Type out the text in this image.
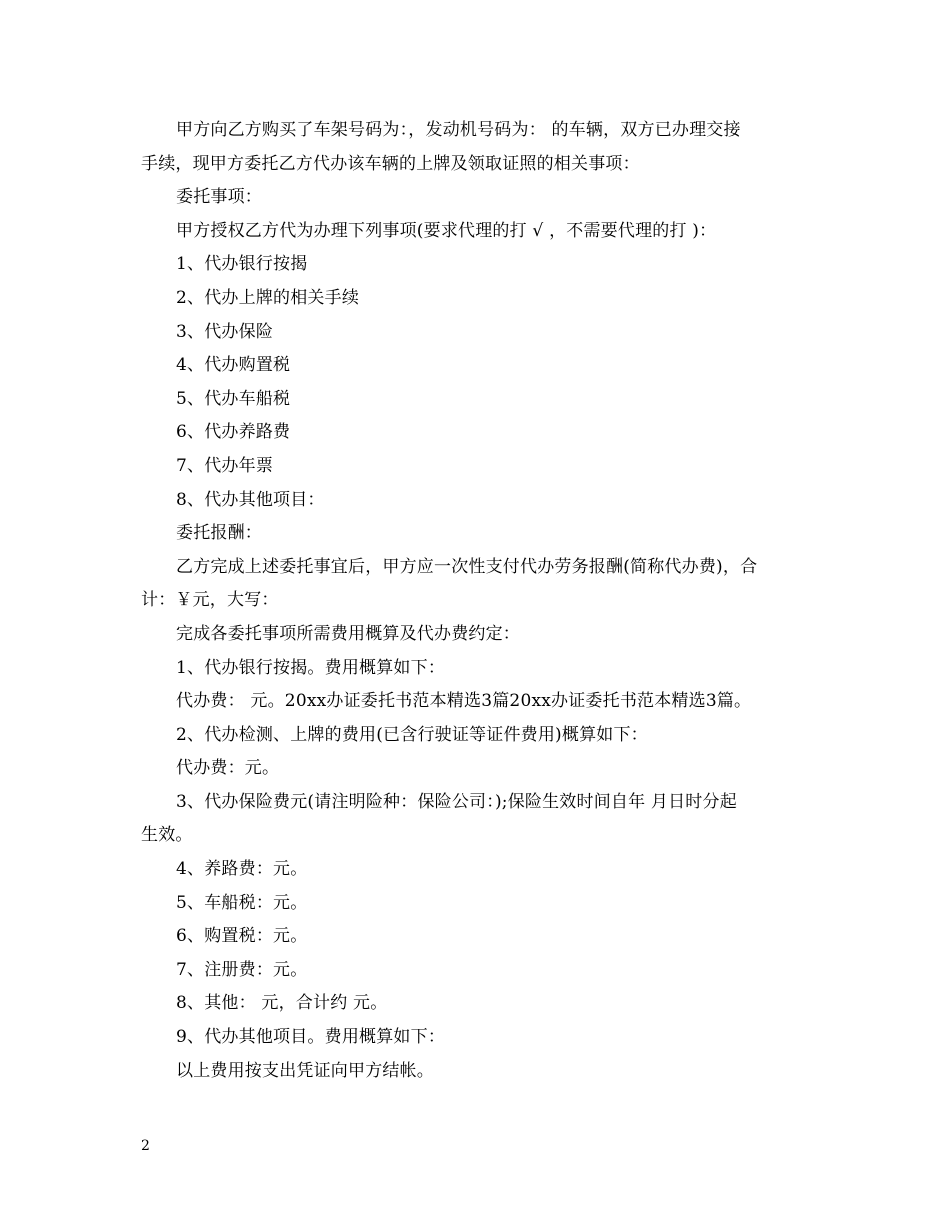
甲方向乙方购买了车架号码为：，发动机号码为： 的车辆，双方已办理交接
手续，现甲方委托乙方代办该车辆的上牌及领取证照的相关事项：
委托事项：
甲方授权乙方代为办理下列事项(要求代理的打 √ ，不需要代理的打 )：
1、代办银行按揭
2、代办上牌的相关手续
3、代办保险
4、代办购置税
5、代办车船税
6、代办养路费
7、代办年票
8、代办其他项目：
委托报酬：
乙方完成上述委托事宜后，甲方应一次性支付代办劳务报酬(简称代办费)，合
计：￥元，大写：
完成各委托事项所需费用概算及代办费约定：
1、代办银行按揭。费用概算如下：
代办费： 元。20xx办证委托书范本精选3篇20xx办证委托书范本精选3篇。
2、代办检测、上牌的费用(已含行驶证等证件费用)概算如下：
代办费：元。
3、代办保险费元(请注明险种：保险公司：);保险生效时间自年 月日时分起
生效。
4、养路费：元。
5、车船税：元。
6、购置税：元。
7、注册费：元。
8、其他： 元，合计约 元。
9、代办其他项目。费用概算如下：
以上费用按支出凭证向甲方结帐。
2
